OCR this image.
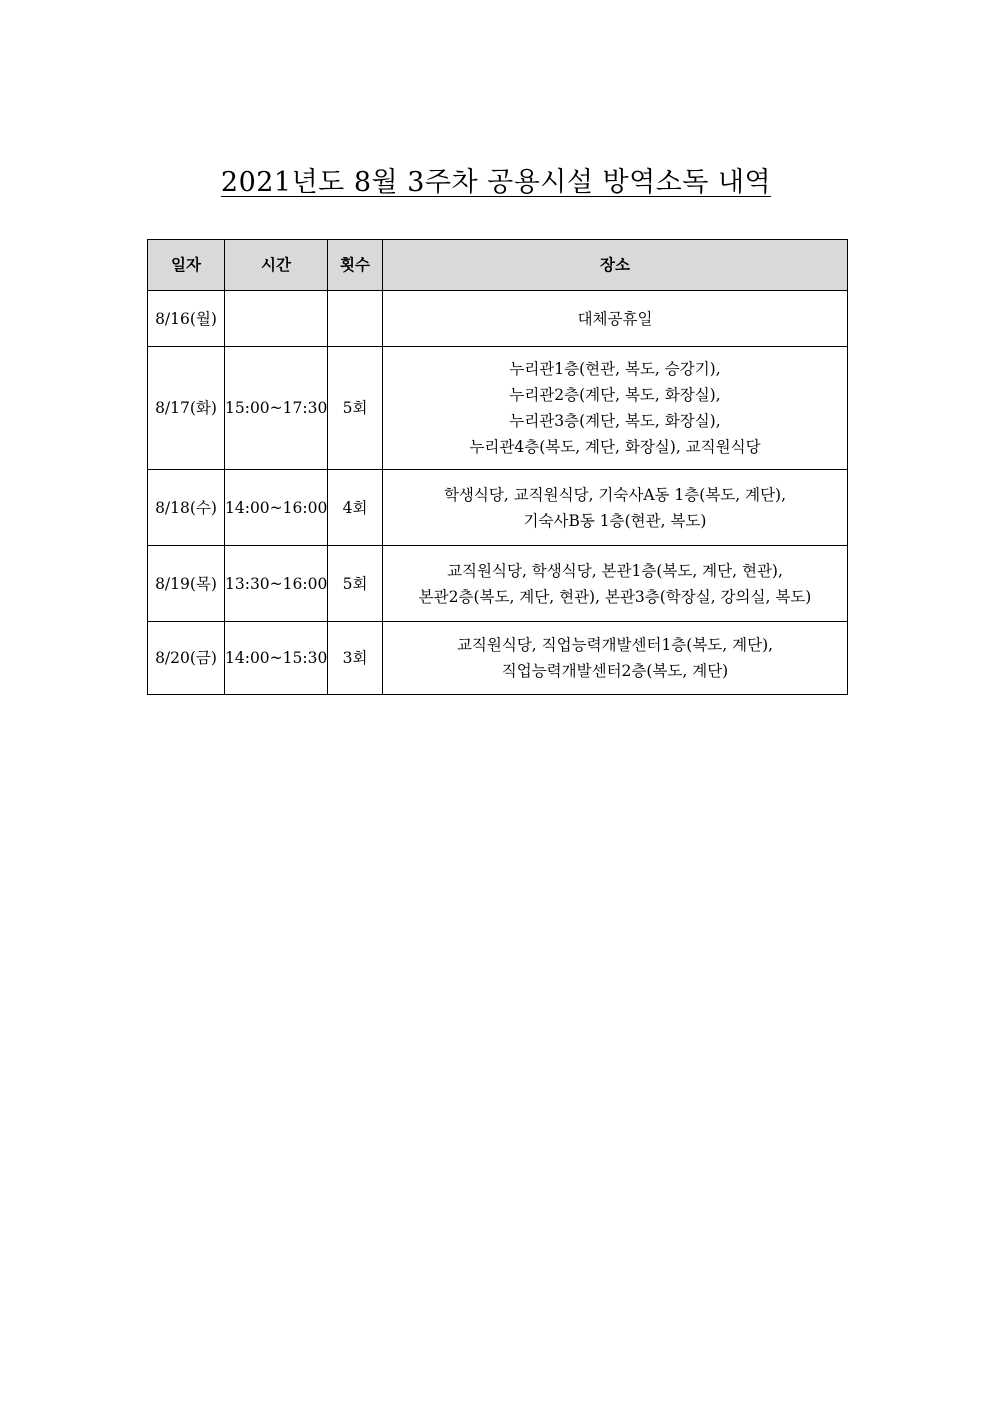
2021년도 8월 3주차 공용시설 방역소독 내역
일자	시간	횟수	장소
8/16(월)			대체공휴일

8/17(화)	15:00~17:30	5회	누리관1층(현관, 복도, 승강기),
누리관2층(계단, 복도, 화장실),
누리관3층(계단, 복도, 화장실),
누리관4층(복도, 계단, 화장실), 교직원식당

8/18(수)	14:00~16:00	4회	학생식당, 교직원식당, 기숙사A동 1층(복도, 계단),
기숙사B동 1층(현관, 복도)

8/19(목)	13:30~16:00	5회	교직원식당, 학생식당, 본관1층(복도, 계단, 현관),
본관2층(복도, 계단, 현관), 본관3층(학장실, 강의실, 복도)

8/20(금)	14:00~15:30	3회	교직원식당, 직업능력개발센터1층(복도, 계단),
직업능력개발센터2층(복도, 계단)
